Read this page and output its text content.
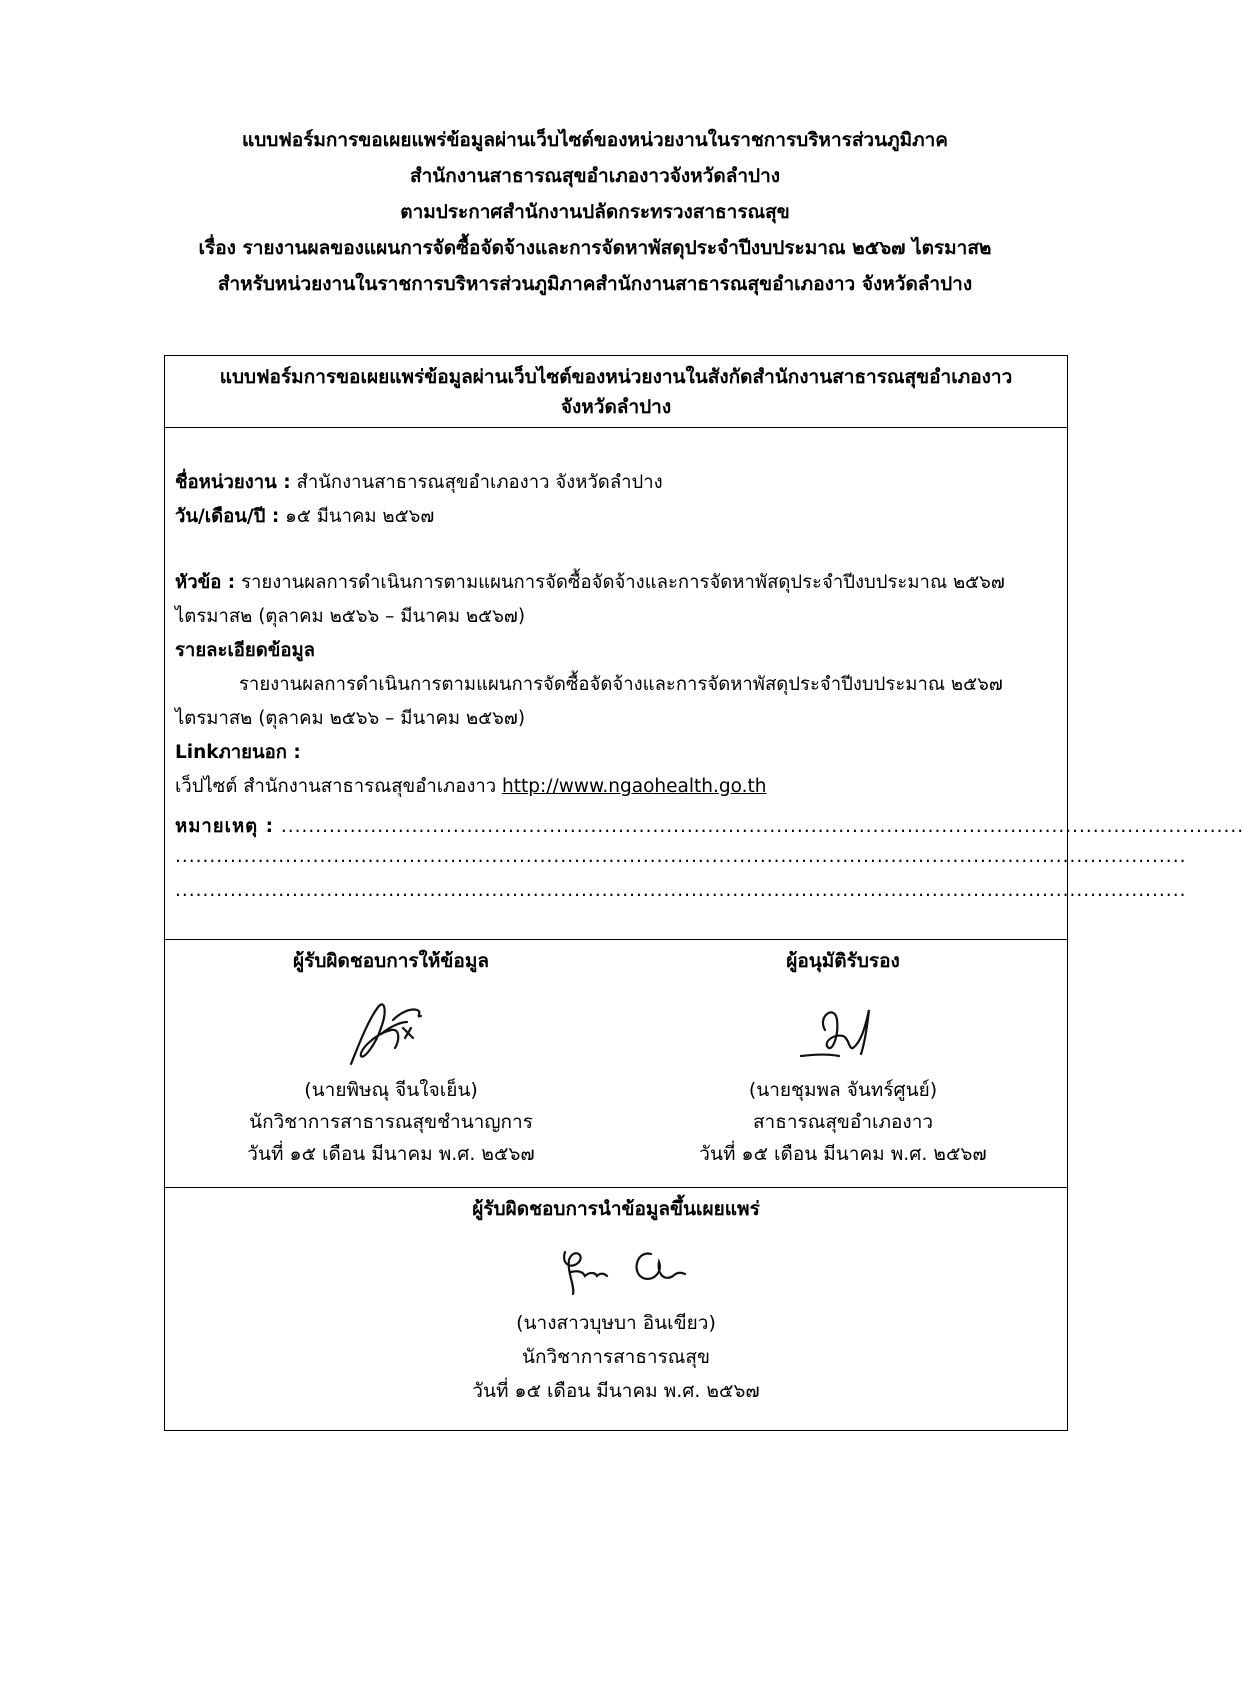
แบบฟอร์มการขอเผยแพร่ข้อมูลผ่านเว็บไซต์ของหน่วยงานในราชการบริหารส่วนภูมิภาค
สำนักงานสาธารณสุขอำเภองาวจังหวัดลำปาง
ตามประกาศสำนักงานปลัดกระทรวงสาธารณสุข
เรื่อง รายงานผลของแผนการจัดซื้อจัดจ้างและการจัดหาพัสดุประจำปีงบประมาณ ๒๕๖๗ ไตรมาส๒
สำหรับหน่วยงานในราชการบริหารส่วนภูมิภาคสำนักงานสาธารณสุขอำเภองาว จังหวัดลำปาง
แบบฟอร์มการขอเผยแพร่ข้อมูลผ่านเว็บไซต์ของหน่วยงานในสังกัดสำนักงานสาธารณสุขอำเภองาว
จังหวัดลำปาง
ชื่อหน่วยงาน : สำนักงานสาธารณสุขอำเภองาว จังหวัดลำปาง
วัน/เดือน/ปี : ๑๕ มีนาคม ๒๕๖๗
หัวข้อ : รายงานผลการดำเนินการตามแผนการจัดซื้อจัดจ้างและการจัดหาพัสดุประจำปีงบประมาณ ๒๕๖๗
ไตรมาส๒ (ตุลาคม ๒๕๖๖ – มีนาคม ๒๕๖๗)
รายละเอียดข้อมูล
รายงานผลการดำเนินการตามแผนการจัดซื้อจัดจ้างและการจัดหาพัสดุประจำปีงบประมาณ ๒๕๖๗
ไตรมาส๒ (ตุลาคม ๒๕๖๖ – มีนาคม ๒๕๖๗)
Linkภายนอก :
เว็ปไซต์ สำนักงานสาธารณสุขอำเภองาว http://www.ngaohealth.go.th
หมายเหตุ : ............................................................................................................................................
...................................................................................................................................................
...................................................................................................................................................
ผู้รับผิดชอบการให้ข้อมูล
(นายพิษณุ จีนใจเย็น)
นักวิชาการสาธารณสุขชำนาญการ
วันที่ ๑๕ เดือน มีนาคม พ.ศ. ๒๕๖๗
ผู้อนุมัติรับรอง
(นายชุมพล จันทร์ศูนย์)
สาธารณสุขอำเภองาว
วันที่ ๑๕ เดือน มีนาคม พ.ศ. ๒๕๖๗
ผู้รับผิดชอบการนำข้อมูลขึ้นเผยแพร่
(นางสาวบุษบา อินเขียว)
นักวิชาการสาธารณสุข
วันที่ ๑๕ เดือน มีนาคม พ.ศ. ๒๕๖๗
